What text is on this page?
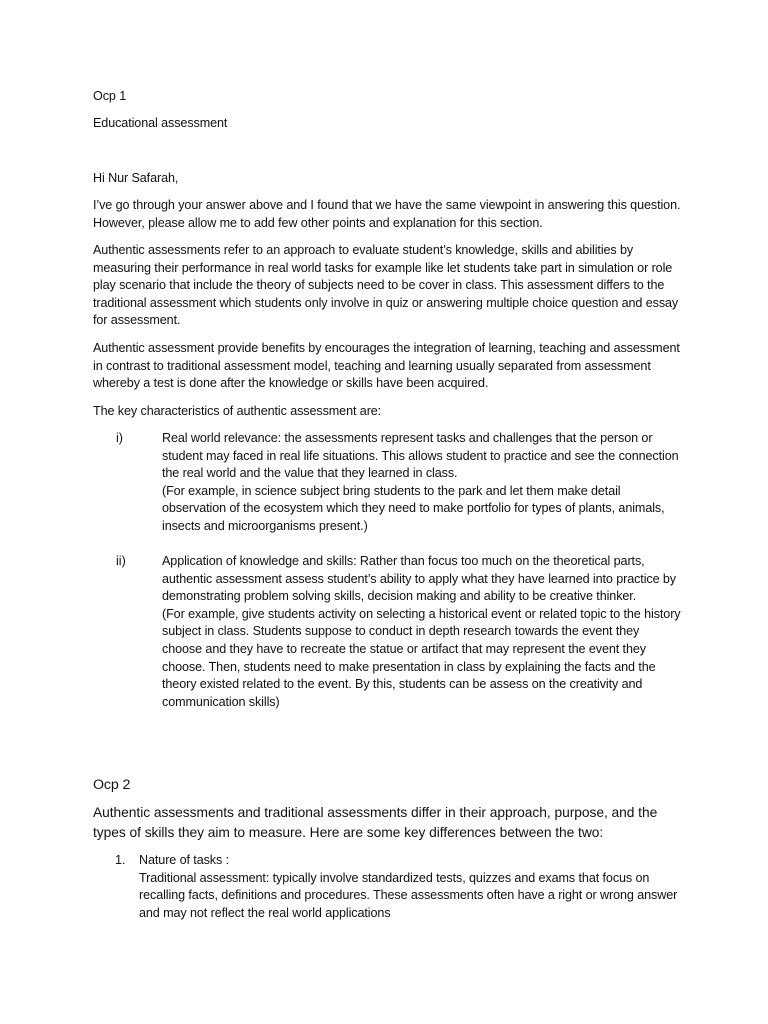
Ocp 1

Educational assessment

Hi Nur Safarah,

I’ve go through your answer above and I found that we have the same viewpoint in answering this question. However, please allow me to add few other points and explanation for this section.

Authentic assessments refer to an approach to evaluate student’s knowledge, skills and abilities by measuring their performance in real world tasks for example like let students take part in simulation or role play scenario that include the theory of subjects need to be cover in class. This assessment differs to the traditional assessment which students only involve in quiz or answering multiple choice question and essay for assessment.

Authentic assessment provide benefits by encourages the integration of learning, teaching and assessment in contrast to traditional assessment model, teaching and learning usually separated from assessment whereby a test is done after the knowledge or skills have been acquired.

The key characteristics of authentic assessment are:

i)	Real world relevance: the assessments represent tasks and challenges that the person or student may faced in real life situations. This allows student to practice and see the connection the real world and the value that they learned in class.
(For example, in science subject bring students to the park and let them make detail observation of the ecosystem which they need to make portfolio for types of plants, animals, insects and microorganisms present.)
ii)	Application of knowledge and skills: Rather than focus too much on the theoretical parts, authentic assessment assess student’s ability to apply what they have learned into practice by demonstrating problem solving skills, decision making and ability to be creative thinker.
(For example, give students activity on selecting a historical event or related topic to the history subject in class. Students suppose to conduct in depth research towards the event they choose and they have to recreate the statue or artifact that may represent the event they choose. Then, students need to make presentation in class by explaining the facts and the theory existed related to the event. By this, students can be assess on the creativity and communication skills)

Ocp 2

Authentic assessments and traditional assessments differ in their approach, purpose, and the types of skills they aim to measure. Here are some key differences between the two:

1. Nature of tasks :
Traditional assessment: typically involve standardized tests, quizzes and exams that focus on recalling facts, definitions and procedures. These assessments often have a right or wrong answer and may not reflect the real world applications
